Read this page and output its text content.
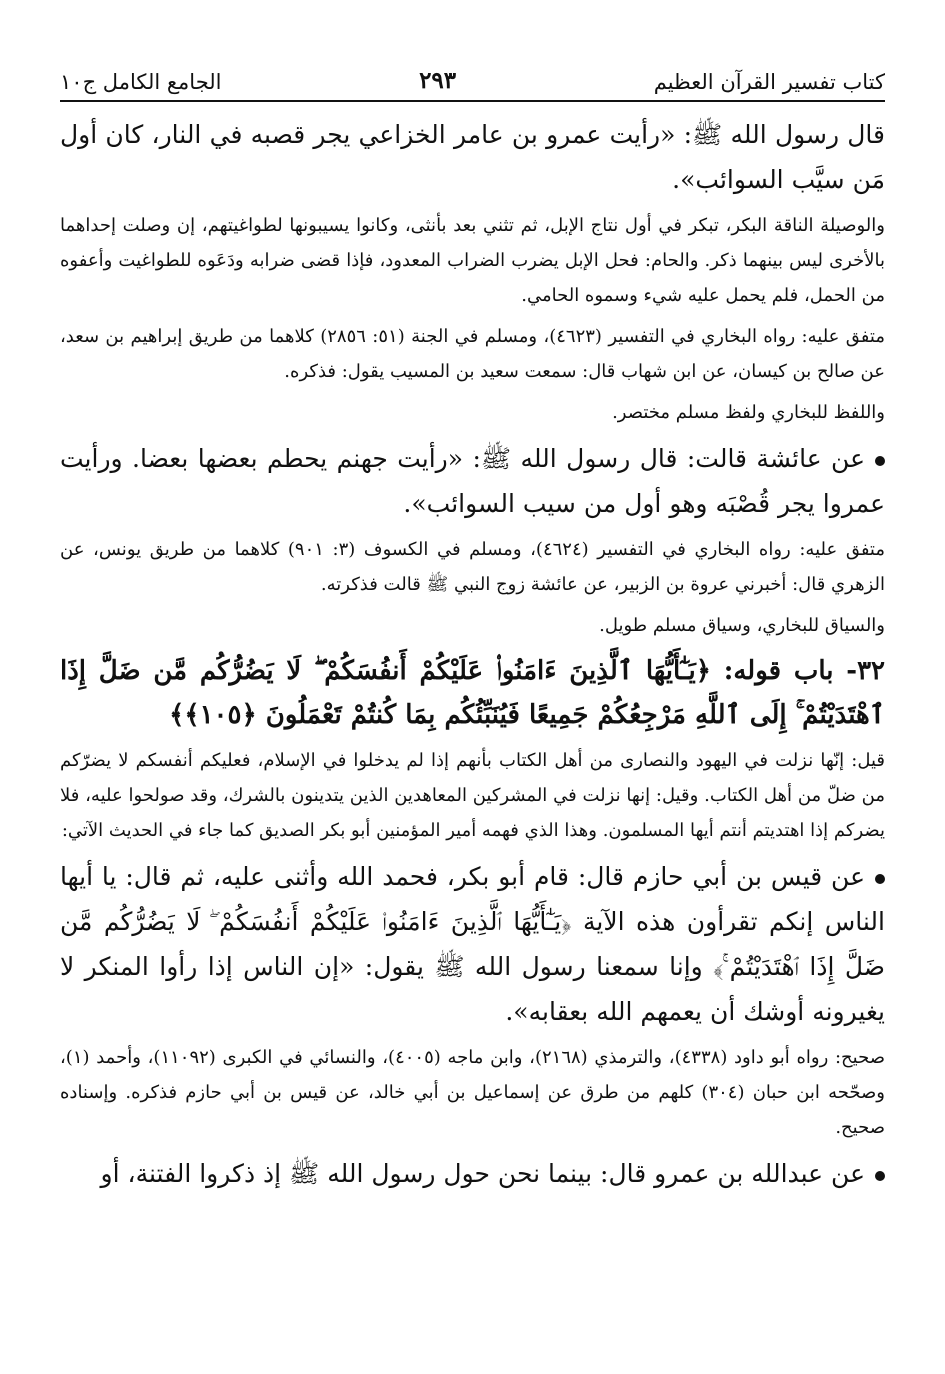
كتاب تفسير القرآن العظيم
٢٩٣
الجامع الكامل ج١٠

قال رسول الله ﷺ: «رأيت عمرو بن عامر الخزاعي يجر قصبه في النار، كان أول مَن سيَّب السوائب».

والوصيلة الناقة البكر، تبكر في أول نتاج الإبل، ثم تثني بعد بأنثى، وكانوا يسيبونها لطواغيتهم، إن وصلت إحداهما بالأخرى ليس بينهما ذكر. والحام: فحل الإبل يضرب الضراب المعدود، فإذا قضى ضرابه ودَعَوه للطواغيت وأعفوه من الحمل، فلم يحمل عليه شيء وسموه الحامي.

متفق عليه: رواه البخاري في التفسير (٤٦٢٣)، ومسلم في الجنة (٥١: ٢٨٥٦) كلاهما من طريق إبراهيم بن سعد، عن صالح بن كيسان، عن ابن شهاب قال: سمعت سعيد بن المسيب يقول: فذكره.

واللفظ للبخاري ولفظ مسلم مختصر.

عن عائشة قالت: قال رسول الله ﷺ: «رأيت جهنم يحطم بعضها بعضا. ورأيت عمروا يجر قُصْبَه وهو أول من سيب السوائب».

متفق عليه: رواه البخاري في التفسير (٤٦٢٤)، ومسلم في الكسوف (٣: ٩٠١) كلاهما من طريق يونس، عن الزهري قال: أخبرني عروة بن الزبير، عن عائشة زوج النبي ﷺ قالت فذكرته.

والسياق للبخاري، وسياق مسلم طويل.

٣٢- باب قوله: ﴿يَـٰٓأَيُّهَا ٱلَّذِينَ ءَامَنُوا۟ عَلَيْكُمْ أَنفُسَكُمْ ۖ لَا يَضُرُّكُم مَّن ضَلَّ إِذَا ٱهْتَدَيْتُمْ ۚ إِلَى ٱللَّهِ مَرْجِعُكُمْ جَمِيعًا فَيُنَبِّئُكُم بِمَا كُنتُمْ تَعْمَلُونَ ﴿١٠٥﴾﴾

قيل: إنّها نزلت في اليهود والنصارى من أهل الكتاب بأنهم إذا لم يدخلوا في الإسلام، فعليكم أنفسكم لا يضرّكم من ضلّ من أهل الكتاب. وقيل: إنها نزلت في المشركين المعاهدين الذين يتدينون بالشرك، وقد صولحوا عليه، فلا يضركم إذا اهتديتم أنتم أيها المسلمون. وهذا الذي فهمه أمير المؤمنين أبو بكر الصديق كما جاء في الحديث الآتي:

عن قيس بن أبي حازم قال: قام أبو بكر، فحمد الله وأثنى عليه، ثم قال: يا أيها الناس إنكم تقرأون هذه الآية ﴿يَـٰٓأَيُّهَا ٱلَّذِينَ ءَامَنُوا۟ عَلَيْكُمْ أَنفُسَكُمْ ۖ لَا يَضُرُّكُم مَّن ضَلَّ إِذَا ٱهْتَدَيْتُمْ ۚ﴾ وإنا سمعنا رسول الله ﷺ يقول: «إن الناس إذا رأوا المنكر لا يغيرونه أوشك أن يعمهم الله بعقابه».

صحيح: رواه أبو داود (٤٣٣٨)، والترمذي (٢١٦٨)، وابن ماجه (٤٠٠٥)، والنسائي في الكبرى (١١٠٩٢)، وأحمد (١)، وصحّحه ابن حبان (٣٠٤) كلهم من طرق عن إسماعيل بن أبي خالد، عن قيس بن أبي حازم فذكره. وإسناده صحيح.

عن عبدالله بن عمرو قال: بينما نحن حول رسول الله ﷺ إذ ذكروا الفتنة، أو
